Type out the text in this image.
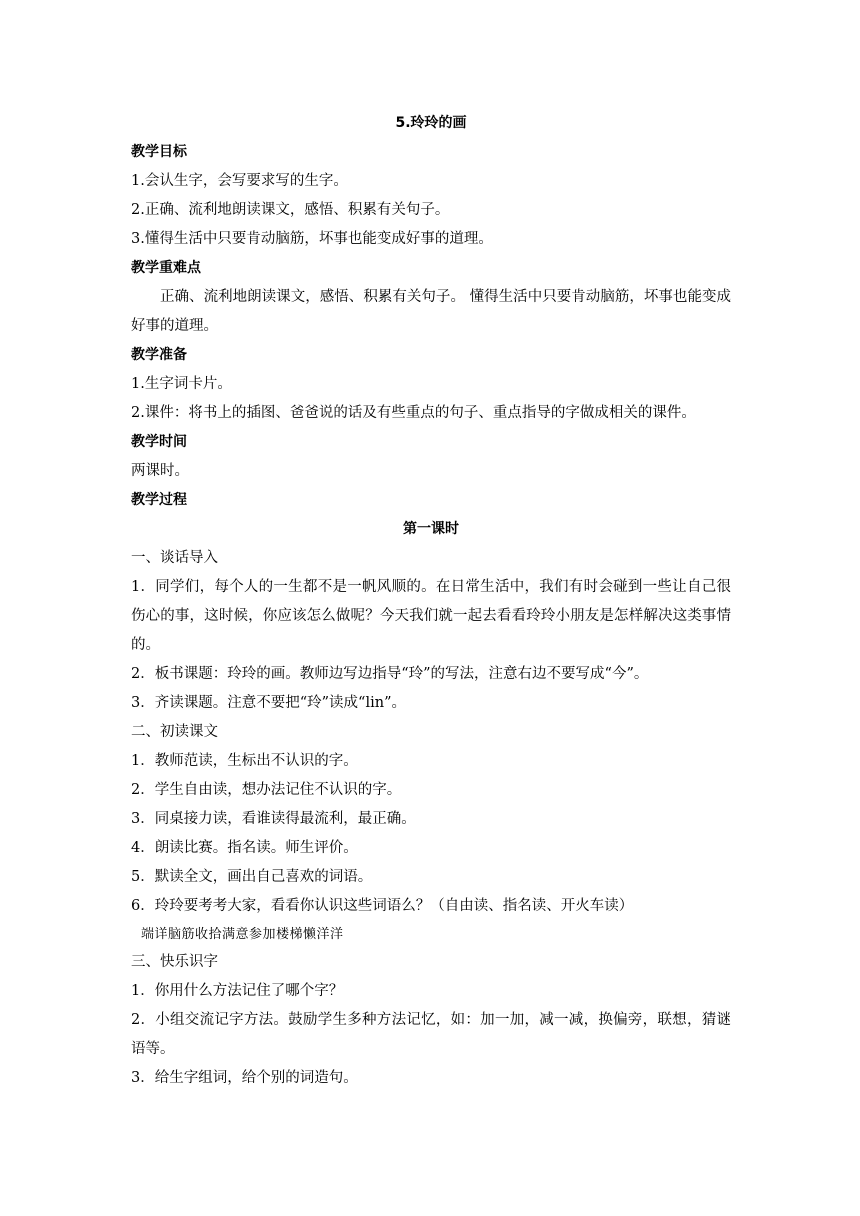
5.玲玲的画
教学目标
1.会认生字，会写要求写的生字。
2.正确、流利地朗读课文，感悟、积累有关句子。
3.懂得生活中只要肯动脑筋，坏事也能变成好事的道理。
教学重难点
正确、流利地朗读课文，感悟、积累有关句子。 懂得生活中只要肯动脑筋，坏事也能变成好事的道理。
教学准备
1.生字词卡片。
2.课件：将书上的插图、爸爸说的话及有些重点的句子、重点指导的字做成相关的课件。
教学时间
两课时。
教学过程
第一课时
一、谈话导入
1．同学们，每个人的一生都不是一帆风顺的。在日常生活中，我们有时会碰到一些让自己很伤心的事，这时候，你应该怎么做呢？今天我们就一起去看看玲玲小朋友是怎样解决这类事情的。
2．板书课题：玲玲的画。教师边写边指导“玲”的写法，注意右边不要写成“今”。
3．齐读课题。注意不要把“玲”读成“lin”。
二、初读课文
1．教师范读，生标出不认识的字。
2．学生自由读，想办法记住不认识的字。
3．同桌接力读，看谁读得最流利，最正确。
4．朗读比赛。指名读。师生评价。
5．默读全文，画出自己喜欢的词语。
6．玲玲要考考大家，看看你认识这些词语么？（自由读、指名读、开火车读）
端详脑筋收拾满意参加楼梯懒洋洋
三、快乐识字
1．你用什么方法记住了哪个字？
2．小组交流记字方法。鼓励学生多种方法记忆，如：加一加，减一减，换偏旁，联想，猜谜语等。
3．给生字组词，给个别的词造句。
